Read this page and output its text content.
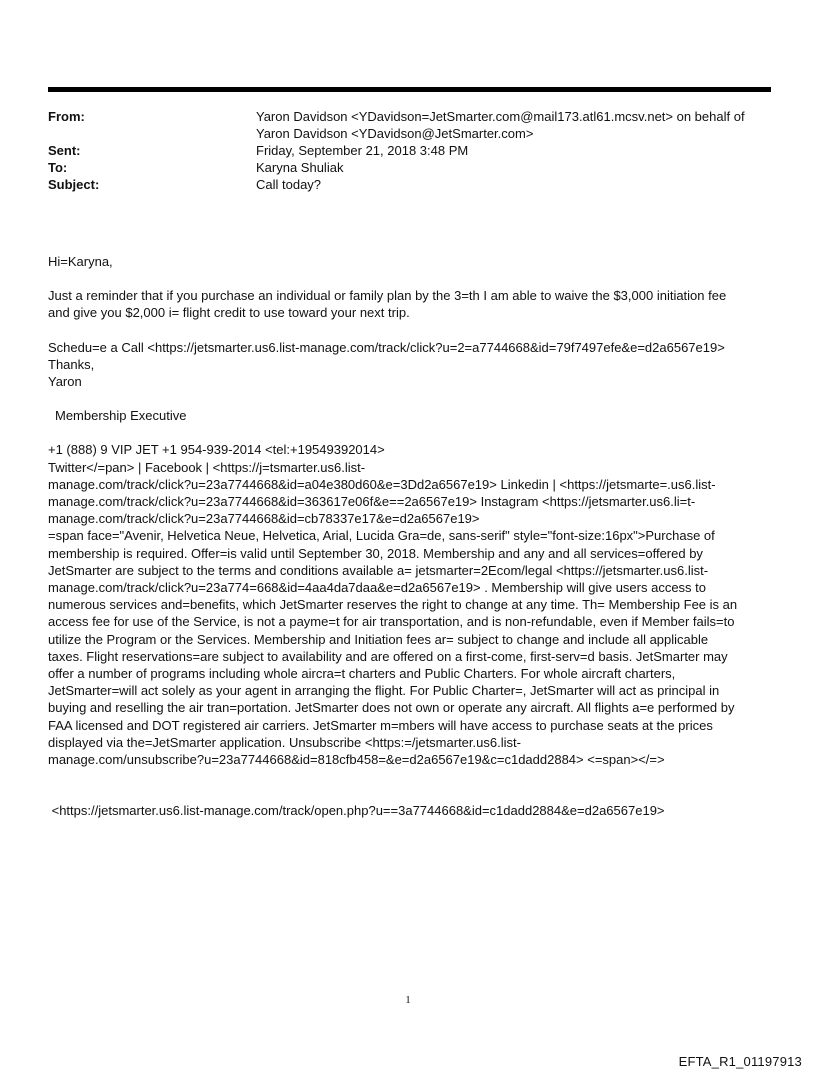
From:	Yaron Davidson <YDavidson=JetSmarter.com@mail173.atl61.mcsv.net> on behalf of
Yaron Davidson <YDavidson@JetSmarter.com>
Sent:	Friday, September 21, 2018 3:48 PM
To:	Karyna Shuliak
Subject:	Call today?

Hi=Karyna,

Just a reminder that if you purchase an individual or family plan by the 3=th I am able to waive the $3,000 initiation fee

and give you $2,000 i= flight credit to use toward your next trip.

Schedu=e a Call <https://jetsmarter.us6.list-manage.com/track/click?u=2=a7744668&id=79f7497efe&e=d2a6567e19>

Thanks,

Yaron

Membership Executive

+1 (888) 9 VIP JET +1 954-939-2014 <tel:+19549392014>

Twitter</=pan> | Facebook | <https://j=tsmarter.us6.list-

manage.com/track/click?u=23a7744668&id=a04e380d60&e=3Dd2a6567e19> Linkedin | <https://jetsmarte=.us6.list-

manage.com/track/click?u=23a7744668&id=363617e06f&e==2a6567e19> Instagram <https://jetsmarter.us6.li=t-

manage.com/track/click?u=23a7744668&id=cb78337e17&e=d2a6567e19>

=span face="Avenir, Helvetica Neue, Helvetica, Arial, Lucida Gra=de, sans-serif" style="font-size:16px">Purchase of

membership is required. Offer=is valid until September 30, 2018. Membership and any and all services=offered by

JetSmarter are subject to the terms and conditions available a= jetsmarter=2Ecom/legal <https://jetsmarter.us6.list-

manage.com/track/click?u=23a774=668&id=4aa4da7daa&e=d2a6567e19> . Membership will give users access to

numerous services and=benefits, which JetSmarter reserves the right to change at any time. Th= Membership Fee is an

access fee for use of the Service, is not a payme=t for air transportation, and is non-refundable, even if Member fails=to

utilize the Program or the Services. Membership and Initiation fees ar= subject to change and include all applicable

taxes. Flight reservations=are subject to availability and are offered on a first-come, first-serv=d basis. JetSmarter may

offer a number of programs including whole aircra=t charters and Public Charters. For whole aircraft charters,

JetSmarter=will act solely as your agent in arranging the flight. For Public Charter=, JetSmarter will act as principal in

buying and reselling the air tran=portation. JetSmarter does not own or operate any aircraft. All flights a=e performed by

FAA licensed and DOT registered air carriers. JetSmarter m=mbers will have access to purchase seats at the prices

displayed via the=JetSmarter application. Unsubscribe <https:=/jetsmarter.us6.list-

manage.com/unsubscribe?u=23a7744668&id=818cfb458=&e=d2a6567e19&c=c1dadd2884> <=span></=>

<https://jetsmarter.us6.list-manage.com/track/open.php?u==3a7744668&id=c1dadd2884&e=d2a6567e19>

1
EFTA_R1_01197913
